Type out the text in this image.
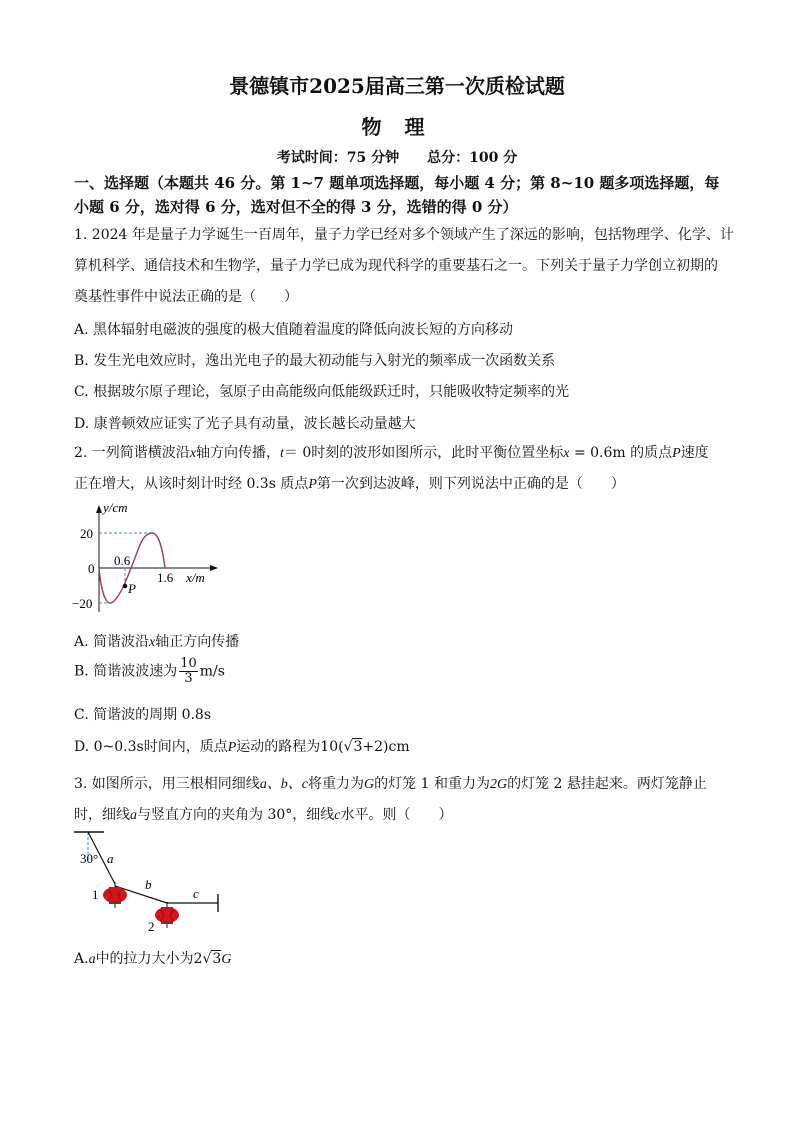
景德镇市2025届高三第一次质检试题
物 理
考试时间：75 分钟 总分：100 分
一、选择题（本题共 46 分。第 1~7 题单项选择题，每小题 4 分；第 8~10 题多项选择题，每
小题 6 分，选对得 6 分，选对但不全的得 3 分，选错的得 0 分）
1. 2024 年是量子力学诞生一百周年，量子力学已经对多个领域产生了深远的影响，包括物理学、化学、计
算机科学、通信技术和生物学，量子力学已成为现代科学的重要基石之一。下列关于量子力学创立初期的
奠基性事件中说法正确的是（　　）
A. 黑体辐射电磁波的强度的极大值随着温度的降低向波长短的方向移动
B. 发生光电效应时，逸出光电子的最大初动能与入射光的频率成一次函数关系
C. 根据玻尔原子理论，氢原子由高能级向低能级跃迁时，只能吸收特定频率的光
D. 康普顿效应证实了光子具有动量，波长越长动量越大
2. 一列简谐横波沿x轴方向传播，t＝ 0时刻的波形如图所示，此时平衡位置坐标x = 0.6m 的质点P速度
正在增大，从该时刻计时经 0.3s 质点P第一次到达波峰，则下列说法中正确的是（　　）
y/cm
20
0
−20
0.6
1.6 x/m
P
A. 简谐波沿x轴正方向传播
B. 简谐波波速为 $\frac{10}{3} m/s$
C. 简谐波的周期 0.8s
D. 0~0.3s时间内，质点P运动的路程为10(√3+2)cm
3. 如图所示，用三根相同细线a、b、c将重力为G的灯笼 1 和重力为2G的灯笼 2 悬挂起来。两灯笼静止
时，细线a与竖直方向的夹角为 30°，细线c水平。则（　　）
30° a
b
c
1
2
A.a中的拉力大小为2√3G
